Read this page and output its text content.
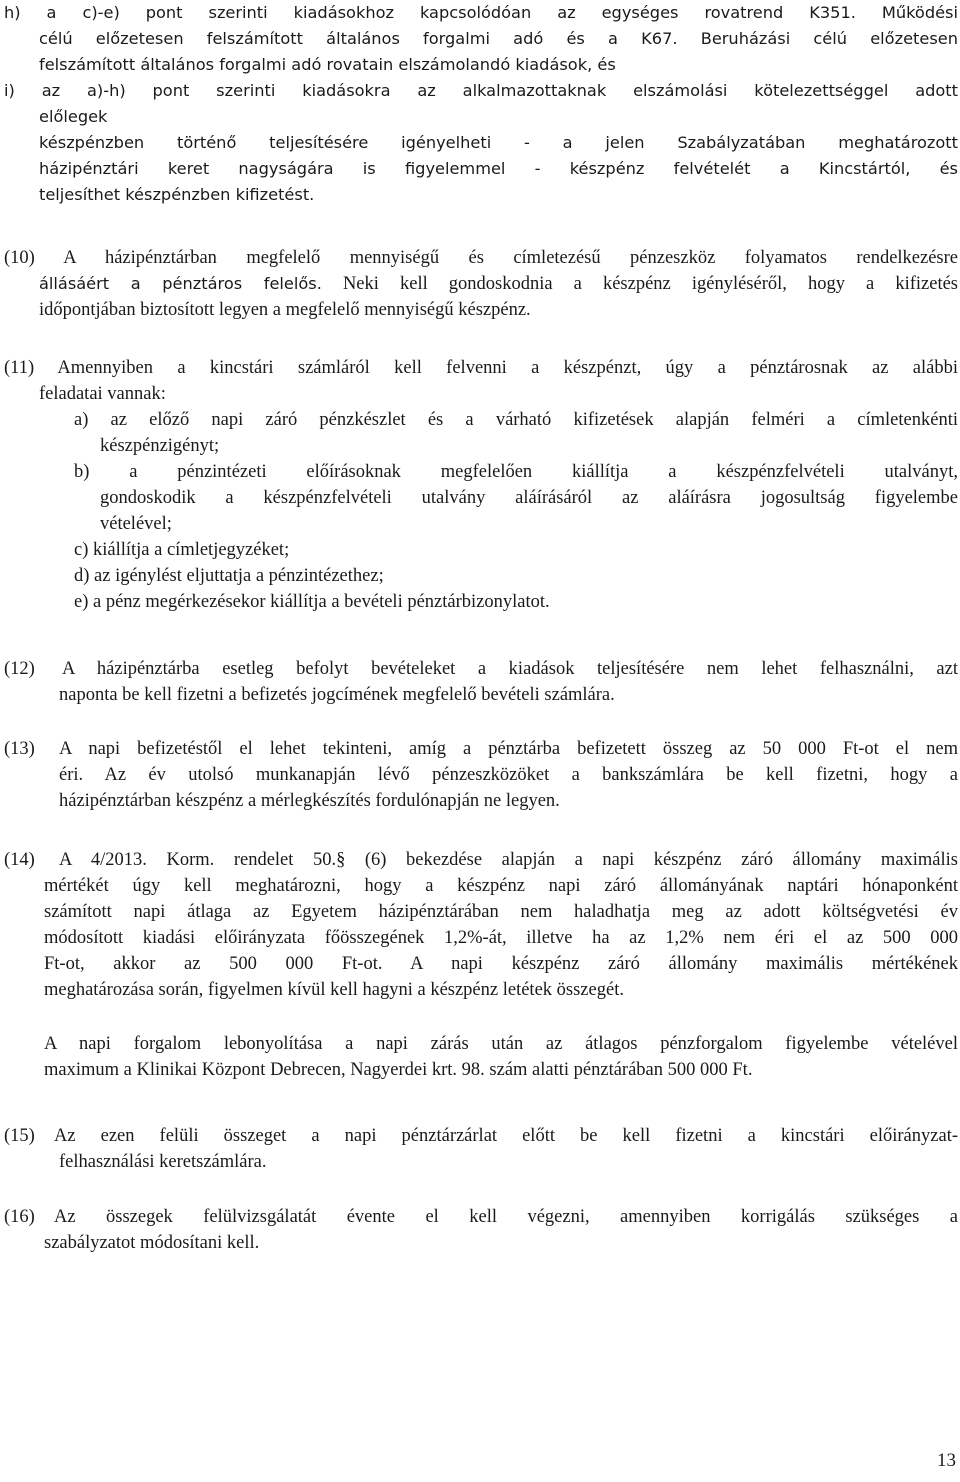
h) a c)-e) pont szerinti kiadásokhoz kapcsolódóan az egységes rovatrend K351. Működési
célú előzetesen felszámított általános forgalmi adó és a K67. Beruházási célú előzetesen
felszámított általános forgalmi adó rovatain elszámolandó kiadások, és
i) az a)-h) pont szerinti kiadásokra az alkalmazottaknak elszámolási kötelezettséggel adott
előlegek
készpénzben történő teljesítésére igényelheti - a jelen Szabályzatában meghatározott
házipénztári keret nagyságára is figyelemmel - készpénz felvételét a Kincstártól, és
teljesíthet készpénzben kifizetést.
(10) A házipénztárban megfelelő mennyiségű és címletezésű pénzeszköz folyamatos rendelkezésre
állásáért a pénztáros felelős. Neki kell gondoskodnia a készpénz igényléséről, hogy a kifizetés
időpontjában biztosított legyen a megfelelő mennyiségű készpénz.
(11) Amennyiben a kincstári számláról kell felvenni a készpénzt, úgy a pénztárosnak az alábbi
feladatai vannak:
a) az előző napi záró pénzkészlet és a várható kifizetések alapján felméri a címletenkénti
készpénzigényt;
b) a pénzintézeti előírásoknak megfelelően kiállítja a készpénzfelvételi utalványt,
gondoskodik a készpénzfelvételi utalvány aláírásáról az aláírásra jogosultság figyelembe
vételével;
c) kiállítja a címletjegyzéket;
d) az igénylést eljuttatja a pénzintézethez;
e) a pénz megérkezésekor kiállítja a bevételi pénztárbizonylatot.
(12)	A házipénztárba esetleg befolyt bevételeket a kiadások teljesítésére nem lehet felhasználni, azt
naponta be kell fizetni a befizetés jogcímének megfelelő bevételi számlára.
(13)	A napi befizetéstől el lehet tekinteni, amíg a pénztárba befizetett összeg az 50 000 Ft-ot el nem
éri. Az év utolsó munkanapján lévő pénzeszközöket a bankszámlára be kell fizetni, hogy a
házipénztárban készpénz a mérlegkészítés fordulónapján ne legyen.
(14)	A 4/2013. Korm. rendelet 50.§ (6) bekezdése alapján a napi készpénz záró állomány maximális
mértékét úgy kell meghatározni, hogy a készpénz napi záró állományának naptári hónaponként
számított napi átlaga az Egyetem házipénztárában nem haladhatja meg az adott költségvetési év
módosított kiadási előirányzata főösszegének 1,2%-át, illetve ha az 1,2% nem éri el az 500 000
Ft-ot, akkor az 500 000 Ft-ot. A napi készpénz záró állomány maximális mértékének
meghatározása során, figyelmen kívül kell hagyni a készpénz letétek összegét.
A napi forgalom lebonyolítása a napi zárás után az átlagos pénzforgalom figyelembe vételével
maximum a Klinikai Központ Debrecen, Nagyerdei krt. 98. szám alatti pénztárában 500 000 Ft.
(15)	Az ezen felüli összeget a napi pénztárzárlat előtt be kell fizetni a kincstári előirányzat-
felhasználási keretszámlára.
(16)	Az összegek felülvizsgálatát évente el kell végezni, amennyiben korrigálás szükséges a
szabályzatot módosítani kell.
13
